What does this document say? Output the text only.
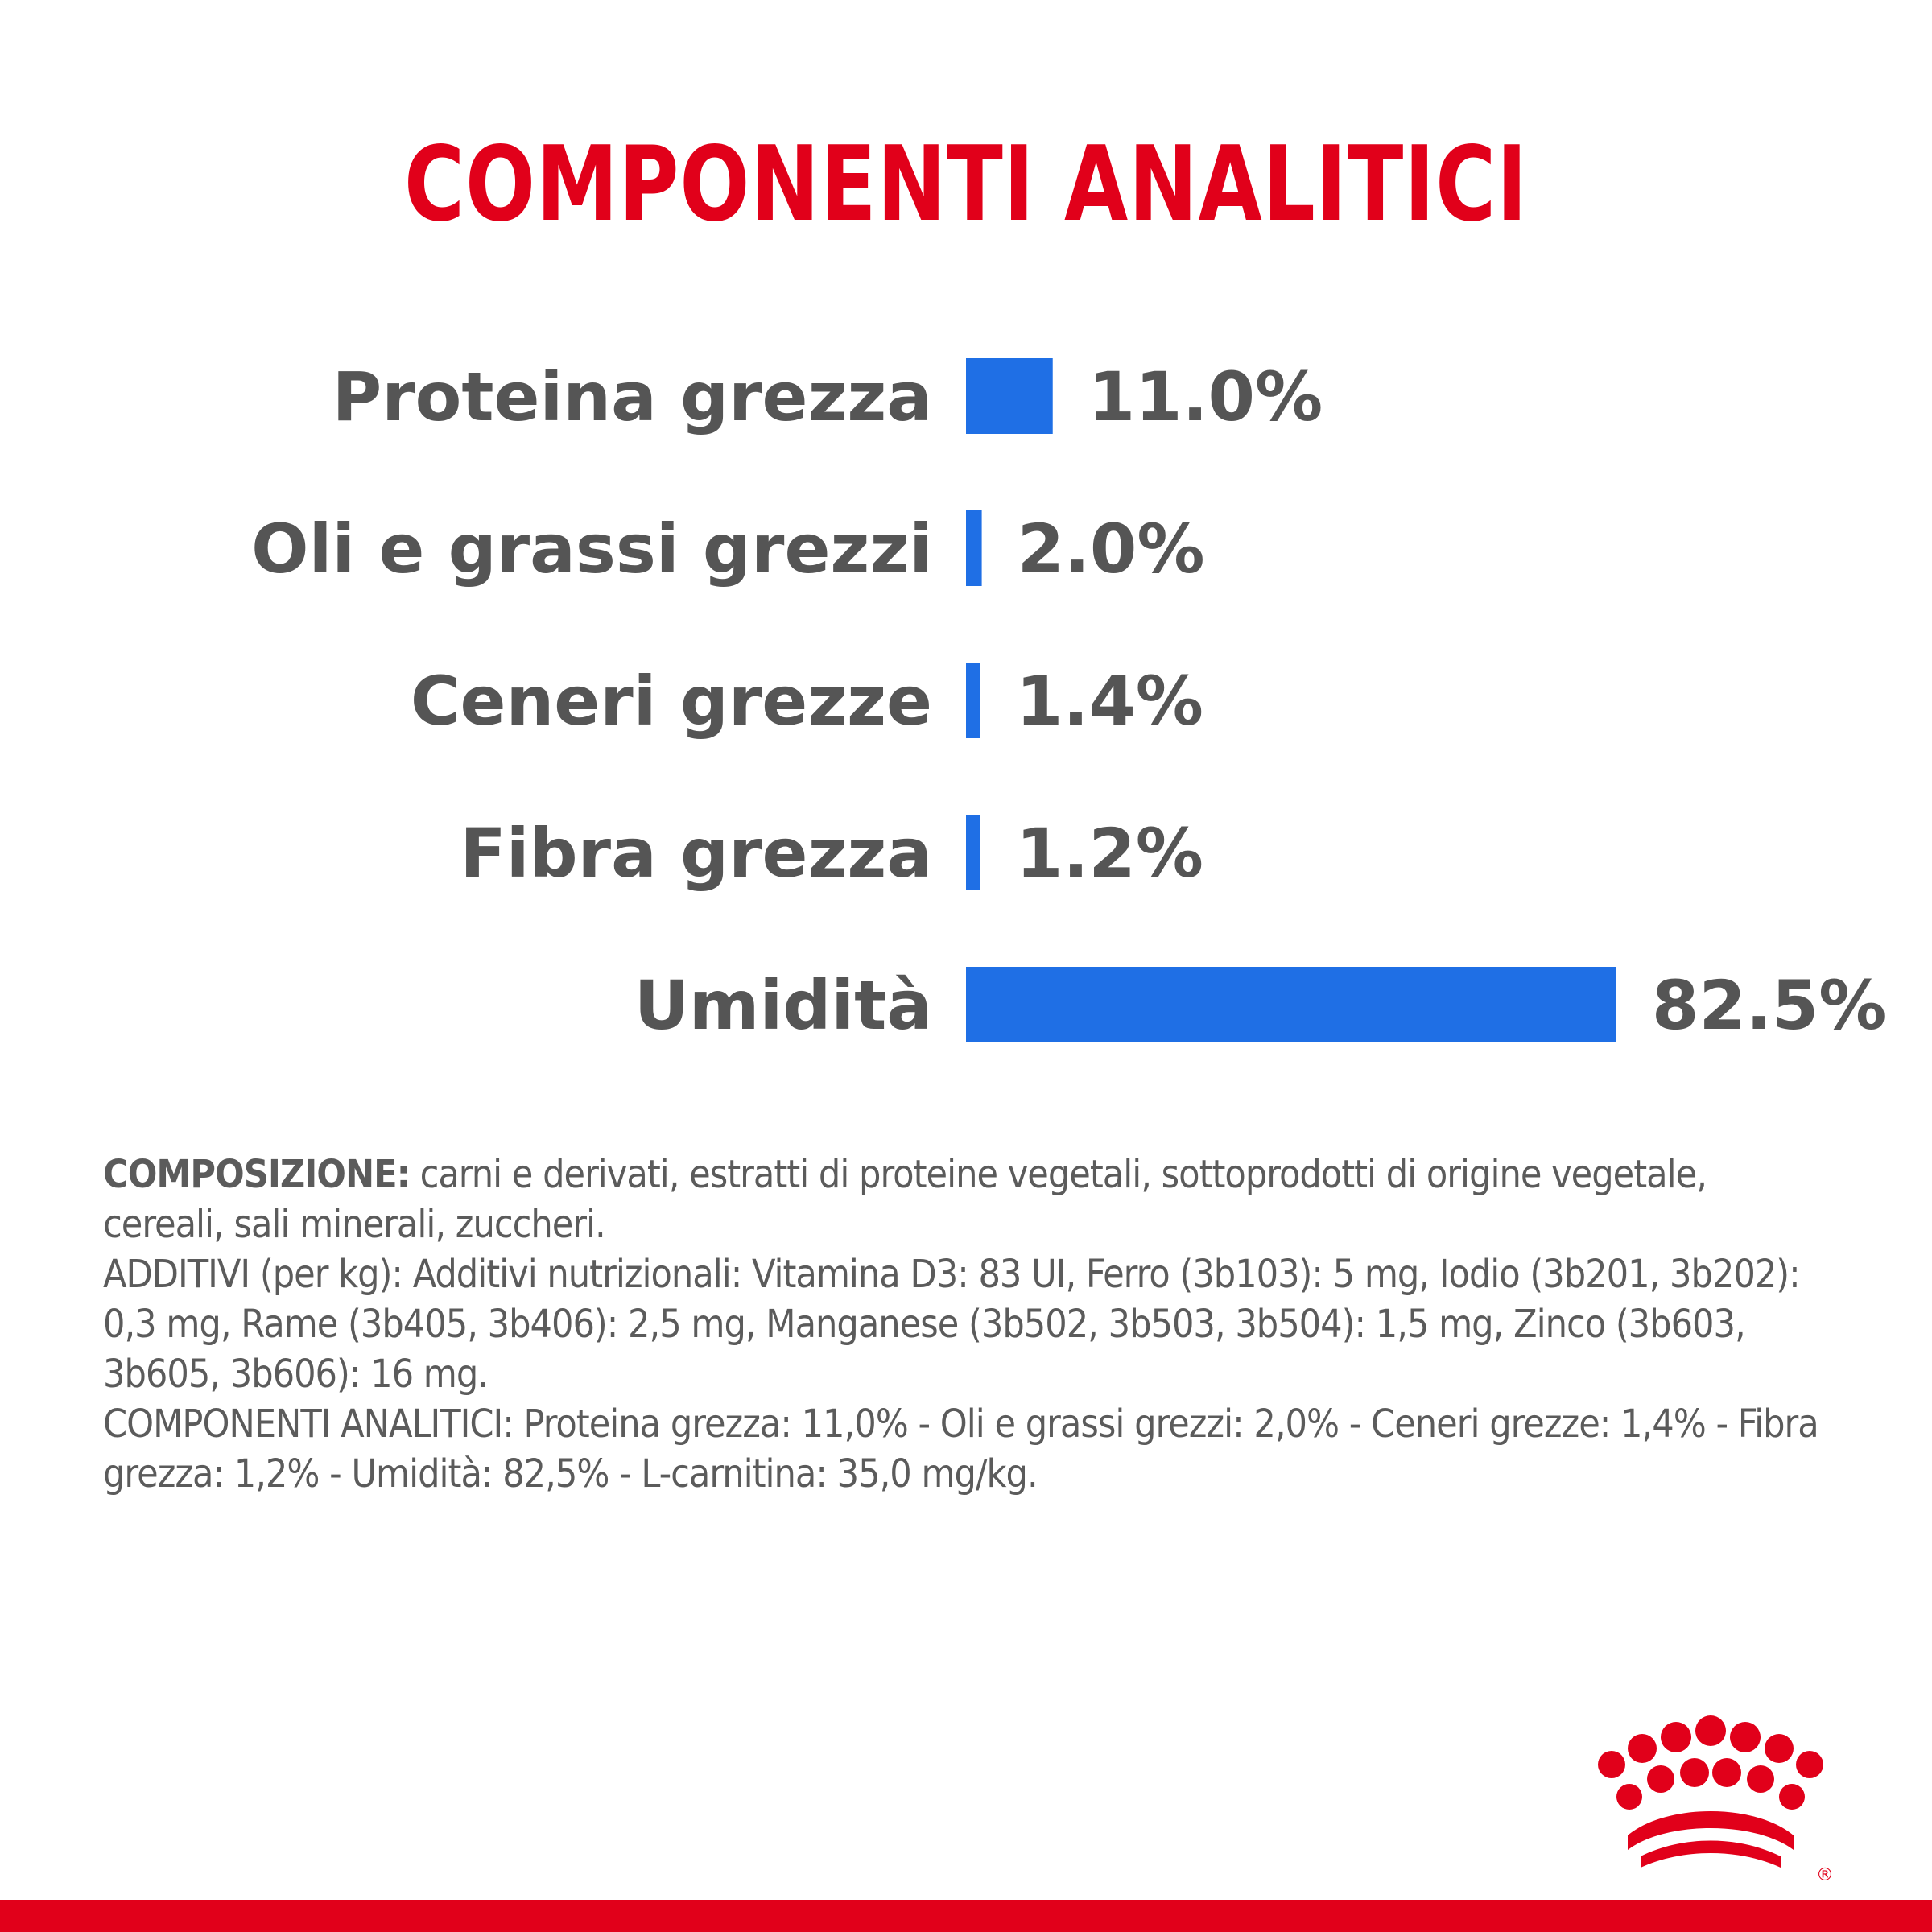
COMPONENTI ANALITICI
Proteina grezza 11.0%
Oli e grassi grezzi 2.0%
Ceneri grezze 1.4%
Fibra grezza 1.2%
Umidità	82.5%

COMPOSIZIONE: carni e derivati, estratti di proteine vegetali, sottoprodotti di origine vegetale, cereali, sali minerali, zuccheri.

ADDITIVI (per kg): Additivi nutrizionali: Vitamina D3: 83 UI, Ferro (3b103): 5 mg, Iodio (3b201, 3b202): 0,3 mg, Rame (3b405, 3b406): 2,5 mg, Manganese (3b502, 3b503, 3b504): 1,5 mg, Zinco (3b603, 3b605, 3b606): 16 mg.

COMPONENTI ANALITICI: Proteina grezza: 11,0% - Oli e grassi grezzi: 2,0% - Ceneri grezze: 1,4% - Fibra grezza: 1,2% - Umidità: 82,5% - L-carnitina: 35,0 mg/kg.

®
